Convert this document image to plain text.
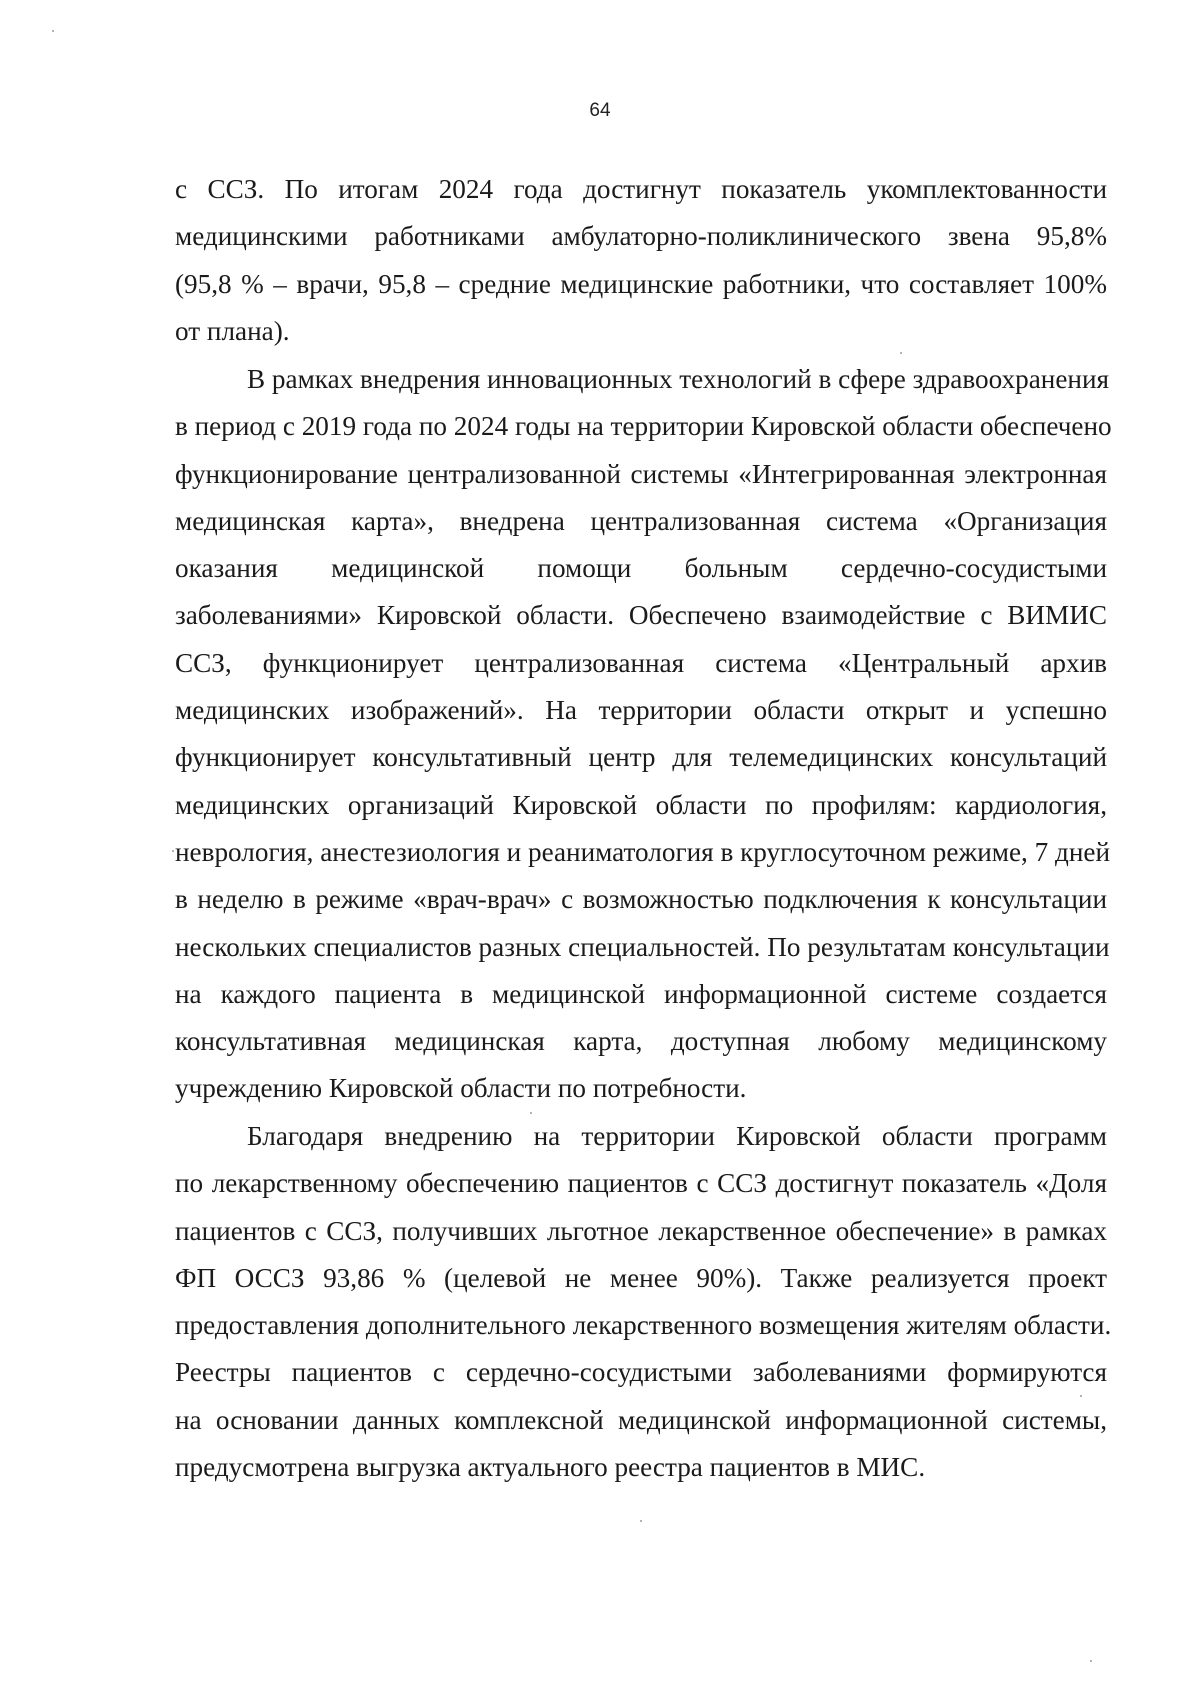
64
с ССЗ. По итогам 2024 года достигнут показатель укомплектованности
медицинскими работниками амбулаторно-поликлинического звена 95,8%
(95,8 % – врачи, 95,8 – средние медицинские работники, что составляет 100%
от плана).
В рамках внедрения инновационных технологий в сфере здравоохранения
в период с 2019 года по 2024 годы на территории Кировской области обеспечено
функционирование централизованной системы «Интегрированная электронная
медицинская карта», внедрена централизованная система «Организация
оказания медицинской помощи больным сердечно-сосудистыми
заболеваниями» Кировской области. Обеспечено взаимодействие с ВИМИС
ССЗ, функционирует централизованная система «Центральный архив
медицинских изображений». На территории области открыт и успешно
функционирует консультативный центр для телемедицинских консультаций
медицинских организаций Кировской области по профилям: кардиология,
неврология, анестезиология и реаниматология в круглосуточном режиме, 7 дней
в неделю в режиме «врач-врач» с возможностью подключения к консультации
нескольких специалистов разных специальностей. По результатам консультации
на каждого пациента в медицинской информационной системе создается
консультативная медицинская карта, доступная любому медицинскому
учреждению Кировской области по потребности.
Благодаря внедрению на территории Кировской области программ
по лекарственному обеспечению пациентов с ССЗ достигнут показатель «Доля
пациентов с ССЗ, получивших льготное лекарственное обеспечение» в рамках
ФП ОССЗ 93,86 % (целевой не менее 90%). Также реализуется проект
предоставления дополнительного лекарственного возмещения жителям области.
Реестры пациентов с сердечно-сосудистыми заболеваниями формируются
на основании данных комплексной медицинской информационной системы,
предусмотрена выгрузка актуального реестра пациентов в МИС.
